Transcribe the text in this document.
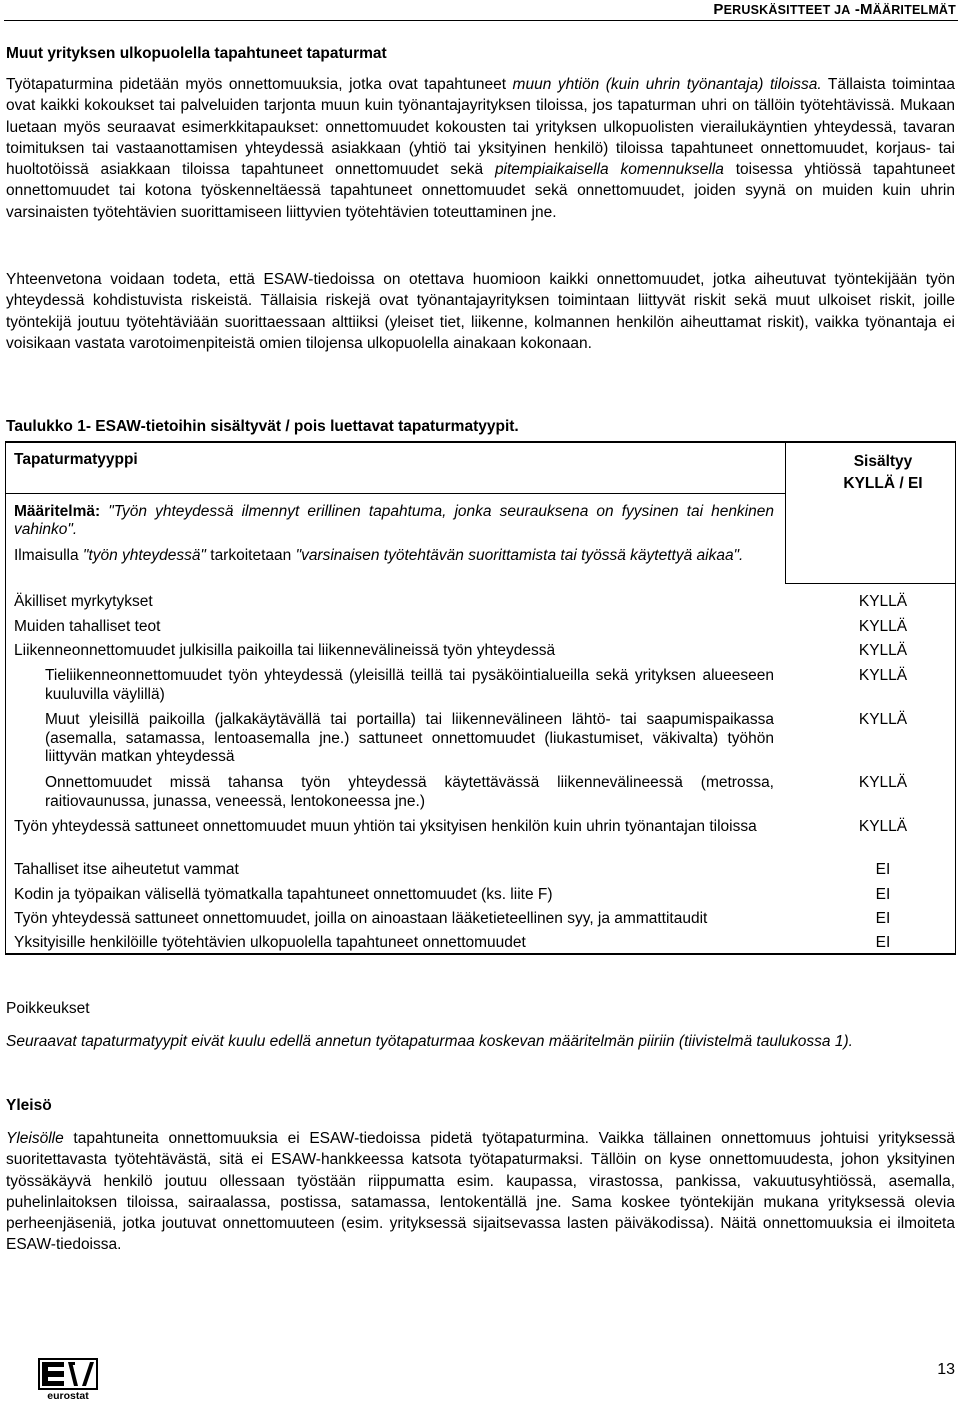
PERUSKÄSITTEET JA -MÄÄRITELMÄT
Muut yrityksen ulkopuolella tapahtuneet tapaturmat

Työtapaturmina pidetään myös onnettomuuksia, jotka ovat tapahtuneet muun yhtiön (kuin uhrin työnantaja) tiloissa. Tällaista toimintaa ovat kaikki kokoukset tai palveluiden tarjonta muun kuin työnantajayrityksen tiloissa, jos tapaturman uhri on tällöin työtehtävissä. Mukaan luetaan myös seuraavat esimerkkitapaukset: onnettomuudet kokousten tai yrityksen ulkopuolisten vierailukäyntien yhteydessä, tavaran toimituksen tai vastaanottamisen yhteydessä asiakkaan (yhtiö tai yksityinen henkilö) tiloissa tapahtuneet onnettomuudet, korjaus- tai huoltotöissä asiakkaan tiloissa tapahtuneet onnettomuudet sekä pitempiaikaisella komennuksella toisessa yhtiössä tapahtuneet onnettomuudet tai kotona työskenneltäessä tapahtuneet onnettomuudet sekä onnettomuudet, joiden syynä on muiden kuin uhrin varsinaisten työtehtävien suorittamiseen liittyvien työtehtävien toteuttaminen jne.

Yhteenvetona voidaan todeta, että ESAW-tiedoissa on otettava huomioon kaikki onnettomuudet, jotka aiheutuvat työntekijään työn yhteydessä kohdistuvista riskeistä. Tällaisia riskejä ovat työnantajayrityksen toimintaan liittyvät riskit sekä muut ulkoiset riskit, joille työntekijä joutuu työtehtäviään suorittaessaan alttiiksi (yleiset tiet, liikenne, kolmannen henkilön aiheuttamat riskit), vaikka työnantaja ei voisikaan vastata varotoimenpiteistä omien tilojensa ulkopuolella ainakaan kokonaan.

Taulukko 1- ESAW-tietoihin sisältyvät / pois luettavat tapaturmatyypit.
Tapaturmatyyppi	Sisältyy
KYLLÄ / EI
Määritelmä: "Työn yhteydessä ilmennyt erillinen tapahtuma, jonka seurauksena on fyysinen tai henkinen vahinko".
Ilmaisulla "työn yhteydessä" tarkoitetaan "varsinaisen työtehtävän suorittamista tai työssä käytettyä aikaa".
Äkilliset myrkytykset	KYLLÄ
Muiden tahalliset teot	KYLLÄ
Liikenneonnettomuudet julkisilla paikoilla tai liikennevälineissä työn yhteydessä	KYLLÄ
Tieliikenneonnettomuudet työn yhteydessä (yleisillä teillä tai pysäköintialueilla sekä yrityksen alueeseen kuuluvilla väylillä)
KYLLÄ
Muut yleisillä paikoilla (jalkakäytävällä tai portailla) tai liikennevälineen lähtö- tai saapumispaikassa (asemalla, satamassa, lentoasemalla jne.) sattuneet onnettomuudet (liukastumiset, väkivalta) työhön liittyvän matkan yhteydessä
KYLLÄ
Onnettomuudet missä tahansa työn yhteydessä käytettävässä liikennevälineessä (metrossa, raitiovaunussa, junassa, veneessä, lentokoneessa jne.)
KYLLÄ
Työn yhteydessä sattuneet onnettomuudet muun yhtiön tai yksityisen henkilön kuin uhrin työnantajan tiloissa	KYLLÄ
Tahalliset itse aiheutetut vammat	EI
Kodin ja työpaikan välisellä työmatkalla tapahtuneet onnettomuudet (ks. liite F)	EI
Työn yhteydessä sattuneet onnettomuudet, joilla on ainoastaan lääketieteellinen syy, ja ammattitaudit	EI
Yksityisille henkilöille työtehtävien ulkopuolella tapahtuneet onnettomuudet	EI
Poikkeukset

Seuraavat tapaturmatyypit eivät kuulu edellä annetun työtapaturmaa koskevan määritelmän piiriin (tiivistelmä taulukossa 1).

Yleisö

Yleisölle tapahtuneita onnettomuuksia ei ESAW-tiedoissa pidetä työtapaturmina. Vaikka tällainen onnettomuus johtuisi yrityksessä suoritettavasta työtehtävästä, sitä ei ESAW-hankkeessa katsota työtapaturmaksi. Tällöin on kyse onnettomuudesta, johon yksityinen työssäkäyvä henkilö joutuu ollessaan työstään riippumatta esim. kaupassa, virastossa, pankissa, vakuutusyhtiössä, asemalla, puhelinlaitoksen tiloissa, sairaalassa, postissa, satamassa, lentokentällä jne. Sama koskee työntekijän mukana yrityksessä olevia perheenjäseniä, jotka joutuvat onnettomuuteen (esim. yrityksessä sijaitsevassa lasten päiväkodissa). Näitä onnettomuuksia ei ilmoiteta ESAW-tiedoissa.

eurostat
13
